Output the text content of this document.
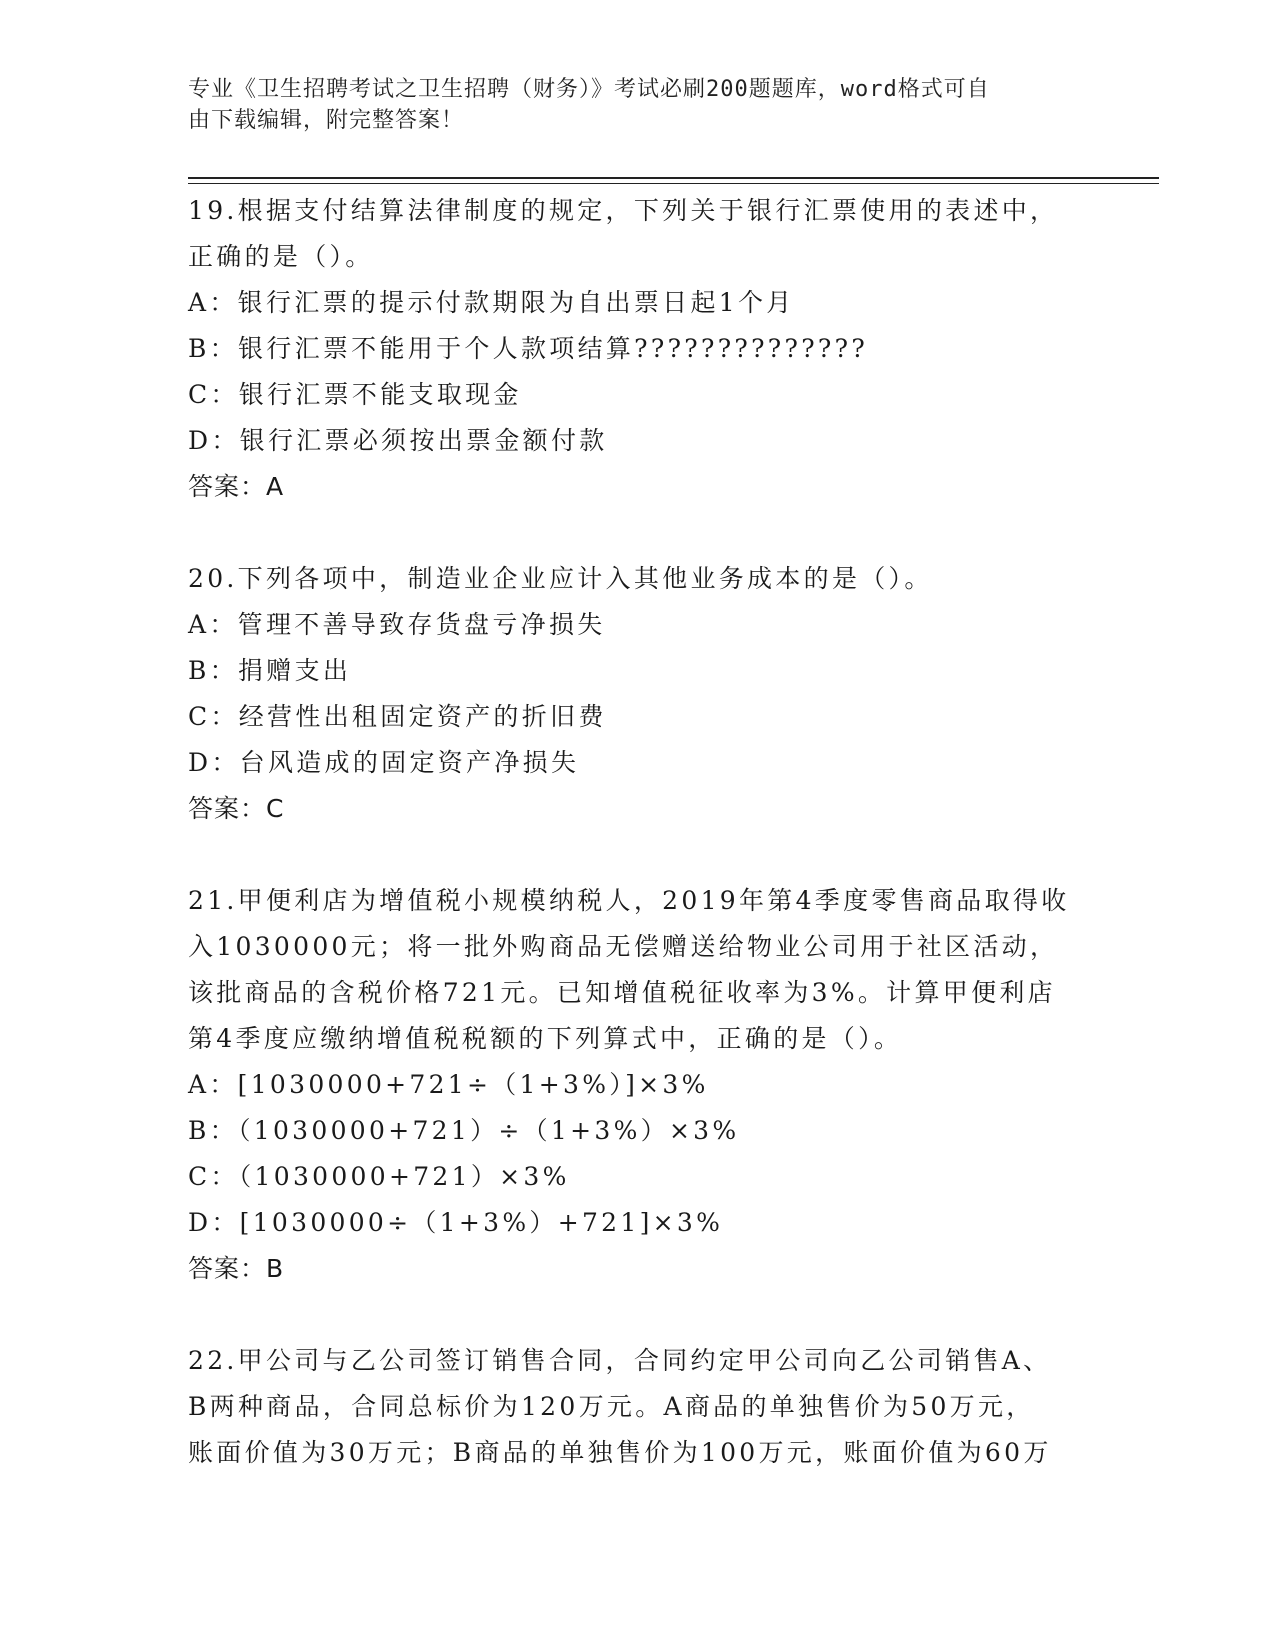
专业《卫生招聘考试之卫生招聘（财务）》考试必刷200题题库，word格式可自
由下载编辑，附完整答案！
19.根据支付结算法律制度的规定，下列关于银行汇票使用的表述中，
正确的是（）。
A：银行汇票的提示付款期限为自出票日起1个月
B：银行汇票不能用于个人款项结算??????????????
C：银行汇票不能支取现金
D：银行汇票必须按出票金额付款
答案：A
20.下列各项中，制造业企业应计入其他业务成本的是（）。
A：管理不善导致存货盘亏净损失
B：捐赠支出
C：经营性出租固定资产的折旧费
D：台风造成的固定资产净损失
答案：C
21.甲便利店为增值税小规模纳税人，2019年第4季度零售商品取得收
入1030000元；将一批外购商品无偿赠送给物业公司用于社区活动，
该批商品的含税价格721元。已知增值税征收率为3%。计算甲便利店
第4季度应缴纳增值税税额的下列算式中，正确的是（）。
A：[1030000+721÷（1+3%）]×3%
B：（1030000+721）÷（1+3%）×3%
C：（1030000+721）×3%
D：[1030000÷（1+3%）+721]×3%
答案：B
22.甲公司与乙公司签订销售合同，合同约定甲公司向乙公司销售A、
B两种商品，合同总标价为120万元。A商品的单独售价为50万元，
账面价值为30万元；B商品的单独售价为100万元，账面价值为60万
